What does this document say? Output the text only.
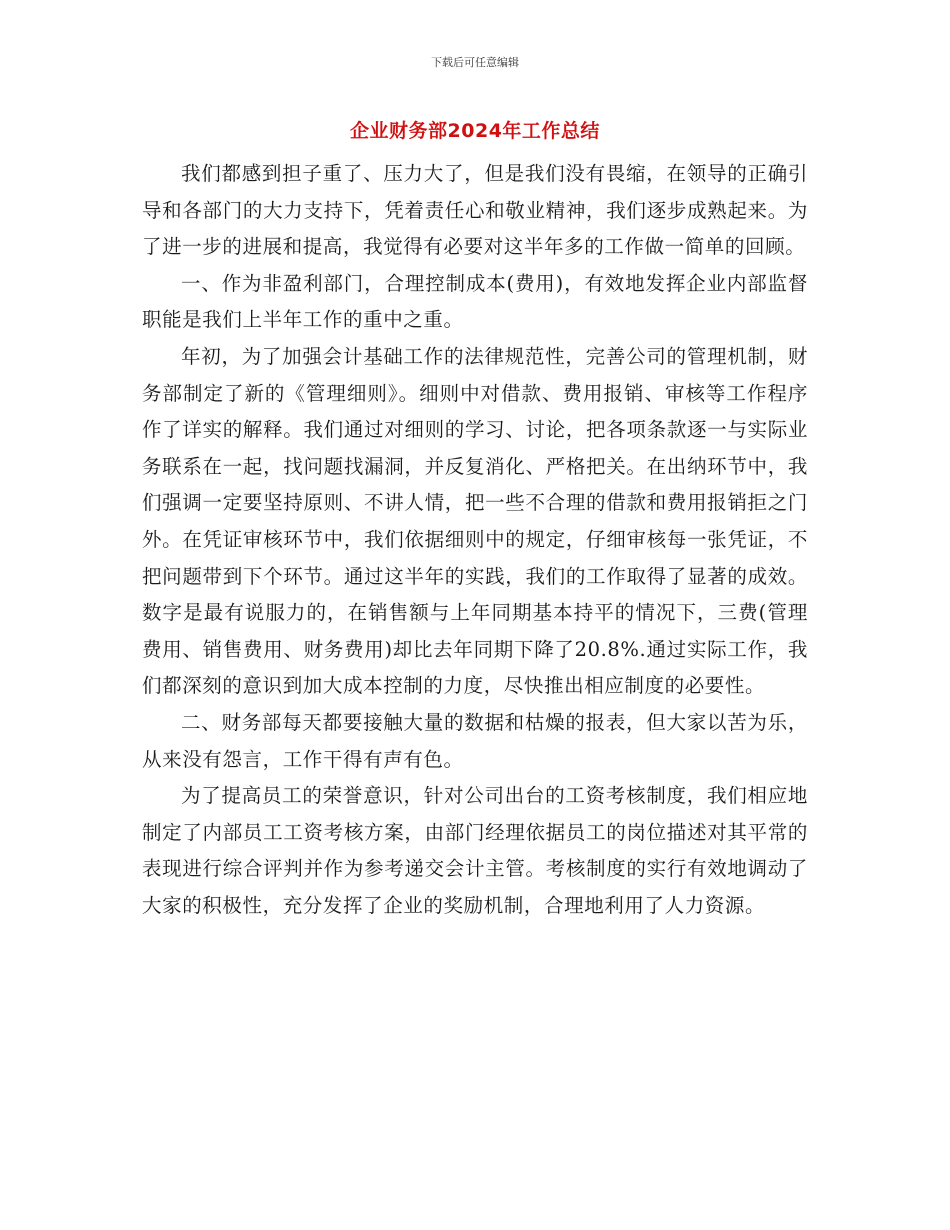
下载后可任意编辑
企业财务部2024年工作总结

我们都感到担子重了、压力大了，但是我们没有畏缩，在领导的正确引导和各部门的大力支持下，凭着责任心和敬业精神，我们逐步成熟起来。为了进一步的进展和提高，我觉得有必要对这半年多的工作做一简单的回顾。

一、作为非盈利部门，合理控制成本(费用)，有效地发挥企业内部监督职能是我们上半年工作的重中之重。

年初，为了加强会计基础工作的法律规范性，完善公司的管理机制，财务部制定了新的《管理细则》。细则中对借款、费用报销、审核等工作程序作了详实的解释。我们通过对细则的学习、讨论，把各项条款逐一与实际业务联系在一起，找问题找漏洞，并反复消化、严格把关。在出纳环节中，我们强调一定要坚持原则、不讲人情，把一些不合理的借款和费用报销拒之门外。在凭证审核环节中，我们依据细则中的规定，仔细审核每一张凭证，不把问题带到下个环节。通过这半年的实践，我们的工作取得了显著的成效。数字是最有说服力的，在销售额与上年同期基本持平的情况下，三费(管理费用、销售费用、财务费用)却比去年同期下降了20.8%.通过实际工作，我们都深刻的意识到加大成本控制的力度，尽快推出相应制度的必要性。

二、财务部每天都要接触大量的数据和枯燥的报表，但大家以苦为乐，从来没有怨言，工作干得有声有色。

为了提高员工的荣誉意识，针对公司出台的工资考核制度，我们相应地制定了内部员工工资考核方案，由部门经理依据员工的岗位描述对其平常的表现进行综合评判并作为参考递交会计主管。考核制度的实行有效地调动了大家的积极性，充分发挥了企业的奖励机制，合理地利用了人力资源。
